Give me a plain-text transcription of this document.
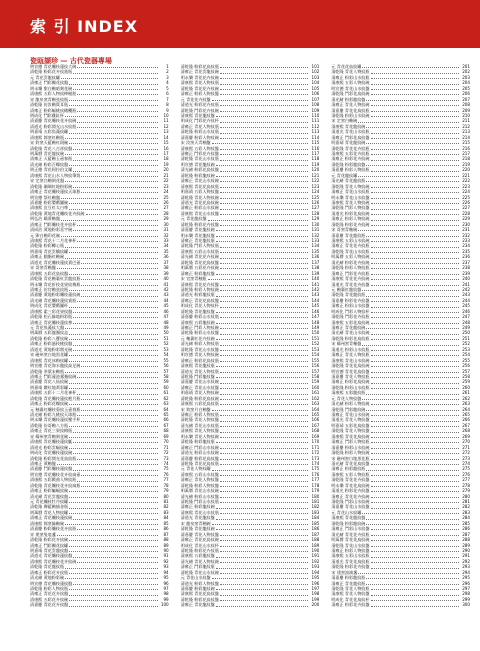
索 引 INDEX
瓷瓯撷珍 — 古代瓷器專場
明宣德 青花纏枝蓮紋大碗	1
清乾隆 粉彩花卉紋賞瓶	2
元 青花雲龍紋罐	3
清雍正 鬥彩團花紋盤	4
明永樂 甜白釉暗刻花碗	5
清康熙 五彩人物紋棒槌瓶	6
宋 龍泉窯青釉弦紋瓶	7
清乾隆 仿汝釉貫耳瓶	8
清雍正 粉彩蝠桃紋橄欖瓶	9
明成化 鬥彩雞缸杯	10
清嘉慶 青花纏枝花卉紋碗	11
清道光 粉彩開光山水紋瓶	12
明嘉靖 五彩魚藻紋罐	13
清康熙 郎窯紅釉瓶	14
宋 鈞窯天藍釉紅斑碗	15
清乾隆 青花八吉祥紋盤	16
明萬曆 青花龍紋碗	17
清雍正 天藍釉玉壺春瓶	18
清光緒 粉彩百蝶紋盤	19
明正德 青花阿拉伯文罐	20
清康熙 青花山水人物紋筆筒	21
宋 定窯白釉刻花盤	22
清乾隆 珊瑚紅地粉彩碗	23
清雍正 青花纏枝蓮紋天球瓶	24
明宣德 祭紅釉盤	25
清嘉慶 粉彩嬰戲圖碗	26
清康熙 豇豆紅太白尊	27
清乾隆 黃地青花纏枝花卉紋碗	28
明弘治 嬌黃釉盤	29
清雍正 鬥彩纏枝花卉紋杯	30
清同治 黃地粉彩喜字碗	31
元 卵白釉印花碗	32
清康熙 青花十二月花神杯	33
清乾隆 粉彩轉心瓶	34
明嘉靖 青花雲鶴紋罐	35
清雍正 胭脂紅釉碗	36
清道光 青花纏枝蓮紋賁巴壺	37
宋 哥窯青釉盤	38
清康熙 五彩花鳥紋盤	39
清乾隆 青花釉裏紅雲龍紋瓶	40
明永樂 青花折枝花果紋梅瓶	41
清雍正 仿官釉弦紋瓶	42
清嘉慶 黃地粉彩纏枝蓮紋碗	43
清光緒 青花纏枝蓮紋賞瓶	44
明成化 青花嬰戲圖杯	45
清康熙 素三彩花果紋盤	46
清乾隆 松石綠地粉彩瓶	47
清雍正 青花纏枝蓮紋尊	48
元 青花魚藻紋大盤	49
明萬曆 五彩龍鳳紋盒	50
清乾隆 粉彩八寶紋碗	51
清雍正 粉彩過枝桃紋盤	52
清道光 黃地粉彩開光碗	53
宋 磁州窯白地黑花罐	54
清康熙 青花冰梅紋罐	55
明宣德 青花海水龍紋高足碗	56
清乾隆 茶葉末釉瓶	57
清雍正 鬥彩蓮池鴛鴦紋碗	58
清嘉慶 青花八仙紋碗	59
明嘉靖 礬紅地黃彩罐	60
清康熙 五彩十二月花神杯	61
清乾隆 青花纏枝蓮紋抱月瓶	62
清雍正 粉彩花蝶紋碗	63
元 釉裏紅纏枝菊紋玉壺春瓶	64
清光緒 粉彩九桃紋天球瓶	65
明永樂 青花纏枝蓮紋壓手杯	66
清乾隆 仿哥釉八方瓶	67
清雍正 青花三果紋梅瓶	68
宋 耀州窯青釉刻花碗	69
清康熙 青花纏枝蓮紋觚	70
清道光 粉彩雲蝠紋碗	71
明成化 青花纏枝蓮紋碗	72
清乾隆 粉彩開光花鳥紋瓶	73
清雍正 黃釉盤	74
清嘉慶 鬥彩纏枝蓮紋盤	75
明宣德 青花纏枝花卉紋扁壺	76
清康熙 五彩戲曲人物紋瓶	77
清乾隆 青花纏枝花卉紋扁瓶	78
清雍正 粉彩蝙蝠紋碗	79
清光緒 青花雲龍紋盤	80
元 青花纏枝牡丹紋罐	81
清乾隆 霽藍釉描金瓶	82
明萬曆 青花人物紋罐	83
清雍正 青花纏枝蓮紋碗	84
清康熙 郎窯綠釉碗	85
清嘉慶 粉彩纏枝花卉紋瓶	86
宋 建窯兔毫盞	87
清乾隆 粉彩花卉紋碗	88
清雍正 鬥彩團花紋罐	89
明嘉靖 青花雲龍紋盤	90
清道光 青花纏枝蓮紋盤	91
清康熙 青花纏枝花卉紋碗	92
清乾隆 青花龍紋瓶	93
清雍正 粉彩花卉紋瓶	94
清光緒 黃地粉彩碗	95
明宣德 青花纏枝蓮紋盤	96
清乾隆 粉彩人物紋瓶	97
清雍正 青花花卉紋盤	98
清康熙 五彩花卉紋碗	99
清嘉慶 青花花卉紋盤	100
清乾隆 粉彩花鳥紋瓶	101
清雍正 青花雲龍紋碗	102
明永樂 青花花卉紋碗	103
清康熙 青花人物紋瓶	104
清乾隆 青花花卉紋碗	105
清雍正 粉彩人物紋盤	106
元 青花花卉紋盤	107
清道光 粉彩花卉紋瓶	108
清乾隆 鬥彩花卉紋碗	109
清康熙 青花龍紋盤	110
明成化 鬥彩花卉紋杯	111
清雍正 青花人物紋瓶	112
清乾隆 粉彩山水紋瓶	113
清嘉慶 粉彩人物紋碗	114
宋 汝窯天青釉盤	115
清康熙 五彩人物紋盤	116
清雍正 鬥彩花卉紋盤	117
清乾隆 青花山水紋瓶	118
明宣德 青花龍紋碗	119
清光緒 粉彩花鳥紋盤	120
清乾隆 粉彩龍紋碗	121
清雍正 青花山水紋碗	122
清康熙 青花花鳥紋瓶	123
明嘉靖 五彩人物紋盤	124
清乾隆 青花人物紋碗	125
清道光 青花花鳥紋碗	126
清雍正 粉彩山水紋碗	127
清康熙 青花山水紋盤	128
元 青花龍紋盤	129
清乾隆 粉彩花卉紋盤	130
清嘉慶 青花龍紋碗	131
明永樂 青花龍紋盤	132
清雍正 青花龍紋瓶	133
清乾隆 鬥彩人物紋瓶	134
清康熙 五彩山水紋瓶	135
清光緒 青花花卉紋碗	136
清乾隆 青花花鳥紋盤	137
明萬曆 五彩花卉紋碗	138
清雍正 粉彩龍紋盤	139
宋 官窯青釉瓶	140
清康熙 青花花卉紋盤	141
清乾隆 粉彩人物紋碗	142
清道光 粉彩龍紋瓶	143
清雍正 青花花鳥紋盤	144
明成化 青花人物紋杯	145
清乾隆 青花龍紋盤	146
清嘉慶 粉彩山水紋瓶	147
清康熙 五彩龍紋碗	148
清雍正 鬥彩人物紋碗	149
清乾隆 粉彩山水紋盤	150
元 釉裏紅花卉紋碗	151
清光緒 粉彩人物紋瓶	152
清乾隆 青花山水紋盤	153
明宣德 青花人物紋碗	154
清雍正 粉彩花鳥紋瓶	155
清康熙 青花龍紋瓶	156
清道光 青花人物紋瓶	157
清乾隆 鬥彩龍紋盤	158
清嘉慶 青花山水紋碗	159
清雍正 青花山水紋盤	160
明嘉靖 青花人物紋碗	161
清乾隆 粉彩花鳥紋碗	162
清康熙 五彩花鳥紋瓶	163
宋 鈞窯月白釉盤	164
清雍正 粉彩人物紋瓶	165
清乾隆 青花人物紋盤	166
清光緒 青花山水紋瓶	167
清康熙 青花人物紋盤	168
明永樂 青花人物紋碗	169
清乾隆 粉彩龍紋瓶	170
清雍正 鬥彩山水紋碗	171
清道光 粉彩山水紋碗	172
清嘉慶 粉彩花鳥紋盤	173
清乾隆 青花花鳥紋瓶	174
元 青花人物紋罐	175
清康熙 五彩山水紋盤	176
清雍正 青花人物紋盤	177
清乾隆 粉彩人物紋盤	178
明萬曆 青花山水紋碗	179
清光緒 粉彩山水紋盤	180
清乾隆 鬥彩山水紋瓶	181
清雍正 粉彩龍紋碗	182
清康熙 青花山水紋瓶	183
清道光 青花龍紋盤	184
宋 龍泉窯青釉碗	185
清乾隆 青花龍紋碗	186
清嘉慶 青花人物紋盤	187
清雍正 青花花鳥紋碗	188
明成化 青花山水紋杯	189
清乾隆 粉彩花卉紋瓶	190
清康熙 五彩龍紋盤	191
清光緒 青花人物紋碗	192
清雍正 鬥彩龍紋瓶	193
清乾隆 青花山水紋碗	194
元 青花山水紋盤	195
清道光 粉彩人物紋盤	196
清嘉慶 粉彩龍紋碗	197
清康熙 青花花鳥紋盤	198
清乾隆 粉彩花鳥紋盤	199
清雍正 青花龍紋盤	200
元 青花花鳥紋罐	201
清乾隆 青花人物紋瓶	202
清雍正 粉彩山水紋瓶	203
清康熙 五彩人物紋碗	204
明宣德 青花山水紋盤	205
清乾隆 鬥彩花鳥紋碗	206
清光緒 粉彩龍紋盤	207
清雍正 青花人物紋碗	208
清嘉慶 青花花鳥紋瓶	209
清乾隆 粉彩山水紋碗	210
宋 定窯白釉碗	211
清康熙 青花龍紋碗	212
清道光 青花山水紋瓶	213
清雍正 鬥彩花鳥紋盤	214
明嘉靖 青花龍紋碗	215
清乾隆 青花花卉紋瓶	216
清康熙 五彩花卉紋瓶	217
清雍正 粉彩花卉紋碗	218
清乾隆 粉彩龍紋盤	219
清嘉慶 粉彩人物紋瓶	220
元 青花龍紋罐	221
清光緒 青花龍紋瓶	222
清乾隆 青花人物紋碗	223
清雍正 青花山水紋瓶	224
明永樂 青花山水紋盤	225
清康熙 青花人物紋碗	226
清乾隆 鬥彩人物紋盤	227
清道光 粉彩花鳥紋碗	228
清雍正 粉彩人物紋碗	229
清乾隆 粉彩花卉紋碗	230
宋 哥窯青釉碗	231
清嘉慶 青花龍紋瓶	232
清康熙 五彩山水紋碗	233
清雍正 青花花卉紋瓶	234
清乾隆 青花山水紋瓶	235
明萬曆 五彩人物紋碗	236
清光緒 粉彩花卉紋碗	237
清乾隆 粉彩人物紋瓶	238
清雍正 鬥彩花卉紋瓶	239
清康熙 青花花卉紋碗	240
清道光 青花花卉紋盤	241
元 釉裏紅龍紋盤	242
清乾隆 青花龍紋瓶	243
清嘉慶 粉彩花卉紋盤	244
清雍正 粉彩山水紋盤	245
明成化 鬥彩人物紋杯	246
清乾隆 鬥彩花卉紋瓶	247
清康熙 五彩花鳥紋碗	248
清雍正 青花龍紋碗	249
清光緒 青花山水紋碗	250
清乾隆 粉彩花鳥紋瓶	251
宋 耀州窯青釉盤	252
清道光 粉彩山水紋瓶	253
清雍正 青花人物紋瓶	254
清康熙 青花山水紋碗	255
清乾隆 青花花鳥紋碗	256
明宣德 青花花鳥紋盤	257
清嘉慶 青花人物紋瓶	258
清雍正 粉彩花鳥紋碗	259
清乾隆 粉彩山水紋瓶	260
清康熙 五彩龍紋瓶	261
元 青花人物紋盤	262
清光緒 粉彩人物紋碗	263
清乾隆 鬥彩龍紋碗	264
清雍正 青花山水紋碗	265
清道光 青花人物紋盤	266
明嘉靖 五彩花鳥紋盤	267
清乾隆 青花人物紋盤	268
清康熙 青花花鳥紋碗	269
清雍正 鬥彩人物紋瓶	270
清嘉慶 粉彩山水紋碗	271
清乾隆 粉彩人物紋碗	272
宋 磁州窯白地黑花瓶	273
清光緒 青花花鳥紋盤	274
清雍正 粉彩龍紋瓶	275
清康熙 五彩人物紋瓶	276
清乾隆 青花花卉紋盤	277
明永樂 青花花鳥紋碗	278
清道光 粉彩花卉紋盤	279
清雍正 青花花卉紋碗	280
清乾隆 鬥彩山水紋碗	281
清嘉慶 青花山水紋盤	282
元 青花山水紋罐	283
清康熙 青花龍紋盤	284
清乾隆 粉彩龍紋碗	285
清雍正 鬥彩山水紋盤	286
清光緒 青花花卉紋瓶	287
明萬曆 青花花鳥紋碗	288
清乾隆 青花山水紋盤	289
清雍正 粉彩人物紋盤	290
清康熙 五彩山水紋瓶	291
清道光 青花花鳥紋瓶	292
清乾隆 粉彩花卉紋盤	293
宋 建窯油滴盞	294
清嘉慶 粉彩龍紋瓶	295
清雍正 青花龍紋瓶	296
清乾隆 青花人物紋瓶	297
清康熙 青花人物紋盤	298
明成化 青花花鳥紋杯	299
清雍正 粉彩花卉紋盤	300
